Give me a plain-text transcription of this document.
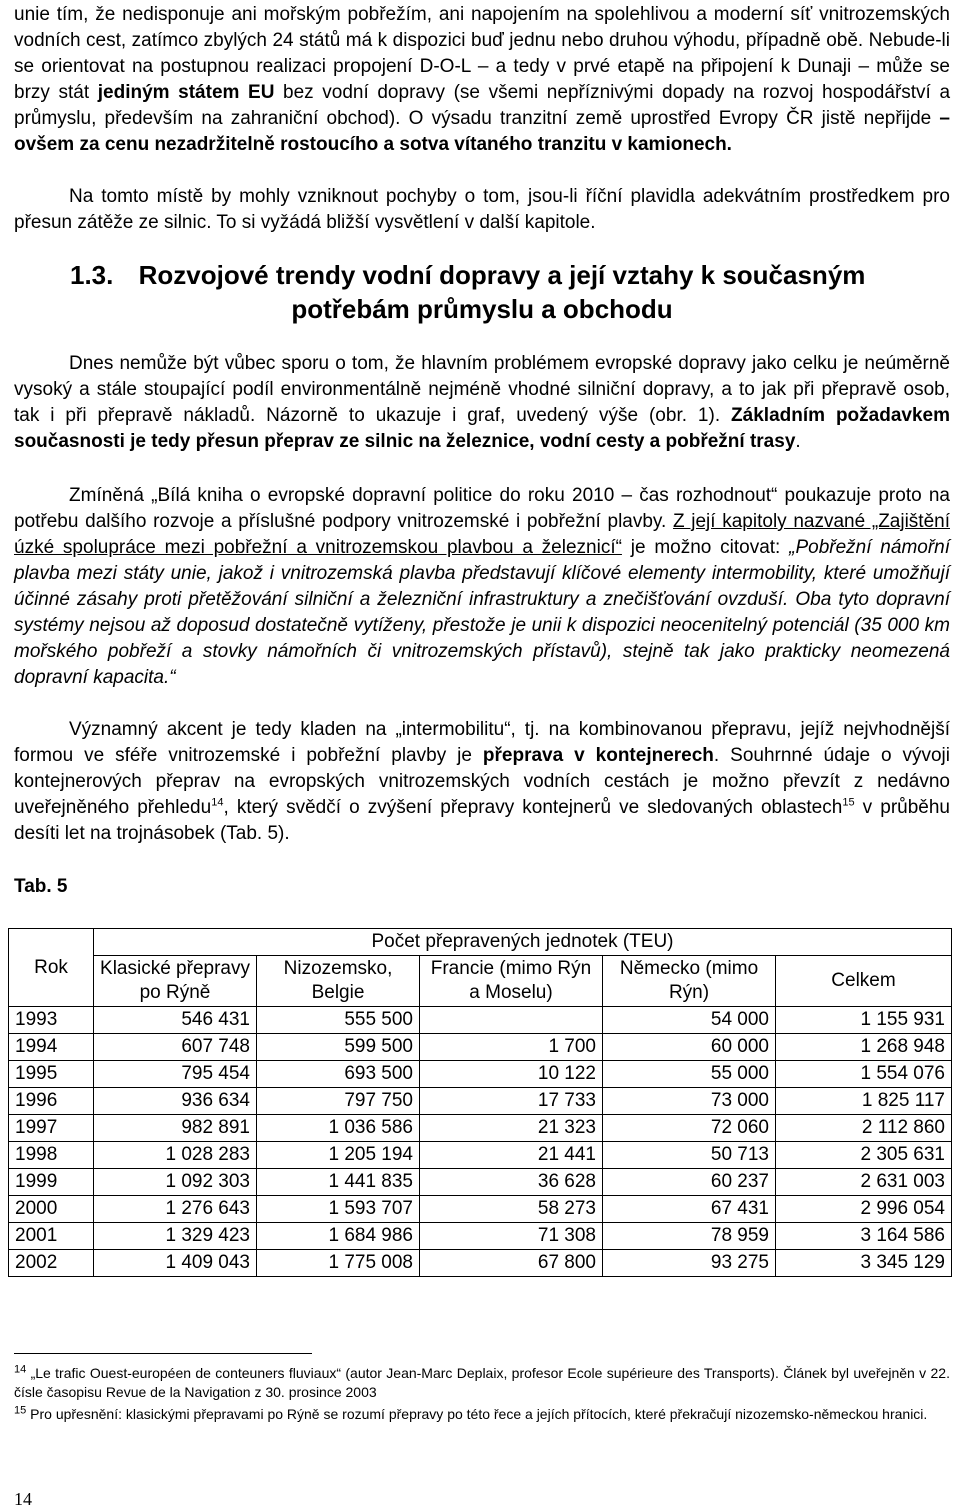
unie tím, že nedisponuje ani mořským pobřežím, ani napojením na spolehlivou a moderní síť vnitrozemských vodních cest, zatímco zbylých 24 států má k dispozici buď jednu nebo druhou výhodu, případně obě. Nebude-li se orientovat na postupnou realizaci propojení D-O-L – a tedy v prvé etapě na připojení k Dunaji – může se brzy stát jediným státem EU bez vodní dopravy (se všemi nepříznivými dopady na rozvoj hospodářství a průmyslu, především na zahraniční obchod). O výsadu tranzitní země uprostřed Evropy ČR jistě nepřijde – ovšem za cenu nezadržitelně rostoucího a sotva vítaného tranzitu v kamionech.

Na tomto místě by mohly vzniknout pochyby o tom, jsou-li říční plavidla adekvátním prostředkem pro přesun zátěže ze silnic. To si vyžádá bližší vysvětlení v další kapitole.

1.3. Rozvojové trendy vodní dopravy a její vztahy k současným
potřebám průmyslu a obchodu

Dnes nemůže být vůbec sporu o tom, že hlavním problémem evropské dopravy jako celku je neúměrně vysoký a stále stoupající podíl environmentálně nejméně vhodné silniční dopravy, a to jak při přepravě osob, tak i při přepravě nákladů. Názorně to ukazuje i graf, uvedený výše (obr. 1). Základním požadavkem současnosti je tedy přesun přeprav ze silnic na železnice, vodní cesty a pobřežní trasy.

Zmíněná „Bílá kniha o evropské dopravní politice do roku 2010 – čas rozhodnout“ poukazuje proto na potřebu dalšího rozvoje a příslušné podpory vnitrozemské i pobřežní plavby. Z její kapitoly nazvané „Zajištění úzké spolupráce mezi pobřežní a vnitrozemskou plavbou a železnicí“ je možno citovat: „Pobřežní námořní plavba mezi státy unie, jakož i vnitrozemská plavba představují klíčové elementy intermobility, které umožňují účinné zásahy proti přetěžování silniční a železniční infrastruktury a znečišťování ovzduší. Oba tyto dopravní systémy nejsou až doposud dostatečně vytíženy, přestože je unii k dispozici neocenitelný potenciál (35 000 km mořského pobřeží a stovky námořních či vnitrozemských přístavů), stejně tak jako prakticky neomezená dopravní kapacita.“

Významný akcent je tedy kladen na „intermobilitu“, tj. na kombinovanou přepravu, jejíž nejvhodnější formou ve sféře vnitrozemské i pobřežní plavby je přeprava v kontejnerech. Souhrnné údaje o vývoji kontejnerových přeprav na evropských vnitrozemských vodních cestách je možno převzít z nedávno uveřejněného přehledu$^{14}$, který svědčí o zvýšení přepravy kontejnerů ve sledovaných oblastech$^{15}$ v průběhu desíti let na trojnásobek (Tab. 5).

Tab. 5
Rok	Počet přepravených jednotek (TEU)				
	Klasické přepravy po Rýně	Nizozemsko, Belgie	Francie (mimo Rýn a Moselu)	Německo (mimo Rýn)	Celkem
1993	546 431	555 500		54 000	1 155 931
1994	607 748	599 500	1 700	60 000	1 268 948
1995	795 454	693 500	10 122	55 000	1 554 076
1996	936 634	797 750	17 733	73 000	1 825 117
1997	982 891	1 036 586	21 323	72 060	2 112 860
1998	1 028 283	1 205 194	21 441	50 713	2 305 631
1999	1 092 303	1 441 835	36 628	60 237	2 631 003
2000	1 276 643	1 593 707	58 273	67 431	2 996 054
2001	1 329 423	1 684 986	71 308	78 959	3 164 586
2002	1 409 043	1 775 008	67 800	93 275	3 345 129
$^{14}$ „Le trafic Ouest-européen de conteuners fluviaux“ (autor Jean-Marc Deplaix, profesor Ecole supérieure des Transports). Článek byl uveřejněn v 22. čísle časopisu Revue de la Navigation z 30. prosince 2003
$^{15}$ Pro upřesnění: klasickými přepravami po Rýně se rozumí přepravy po této řece a jejích přítocích, které překračují nizozemsko-německou hranici.
14
